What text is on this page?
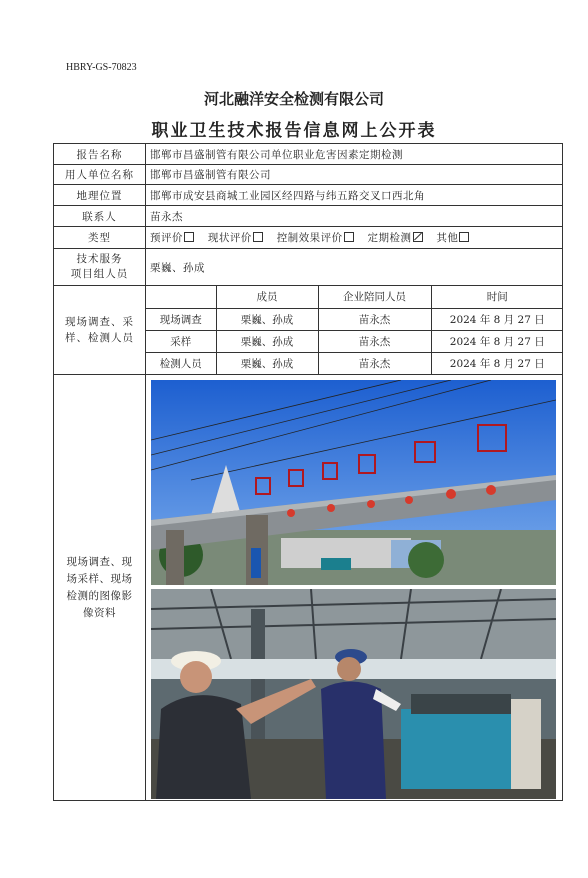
HBRY-GS-70823
河北融洋安全检测有限公司
职业卫生技术报告信息网上公开表
报告名称	邯郸市昌盛制管有限公司单位职业危害因素定期检测
用人单位名称	邯郸市昌盛制管有限公司
地理位置	邯郸市成安县商城工业园区经四路与纬五路交叉口西北角
联系人	苗永杰
类型	预评价 现状评价 控制效果评价 定期检测 其他

技术服务
项目组人员
	栗巍、孙成

现场调查、采
样、检测人员

	成员	企业陪同人员	时间
现场调查	栗巍、孙成	苗永杰	2024 年 8 月 27 日
采样	栗巍、孙成	苗永杰	2024 年 8 月 27 日
检测人员	栗巍、孙成	苗永杰	2024 年 8 月 27 日

现场调查、现
场采样、现场
检测的图像影
像资料
